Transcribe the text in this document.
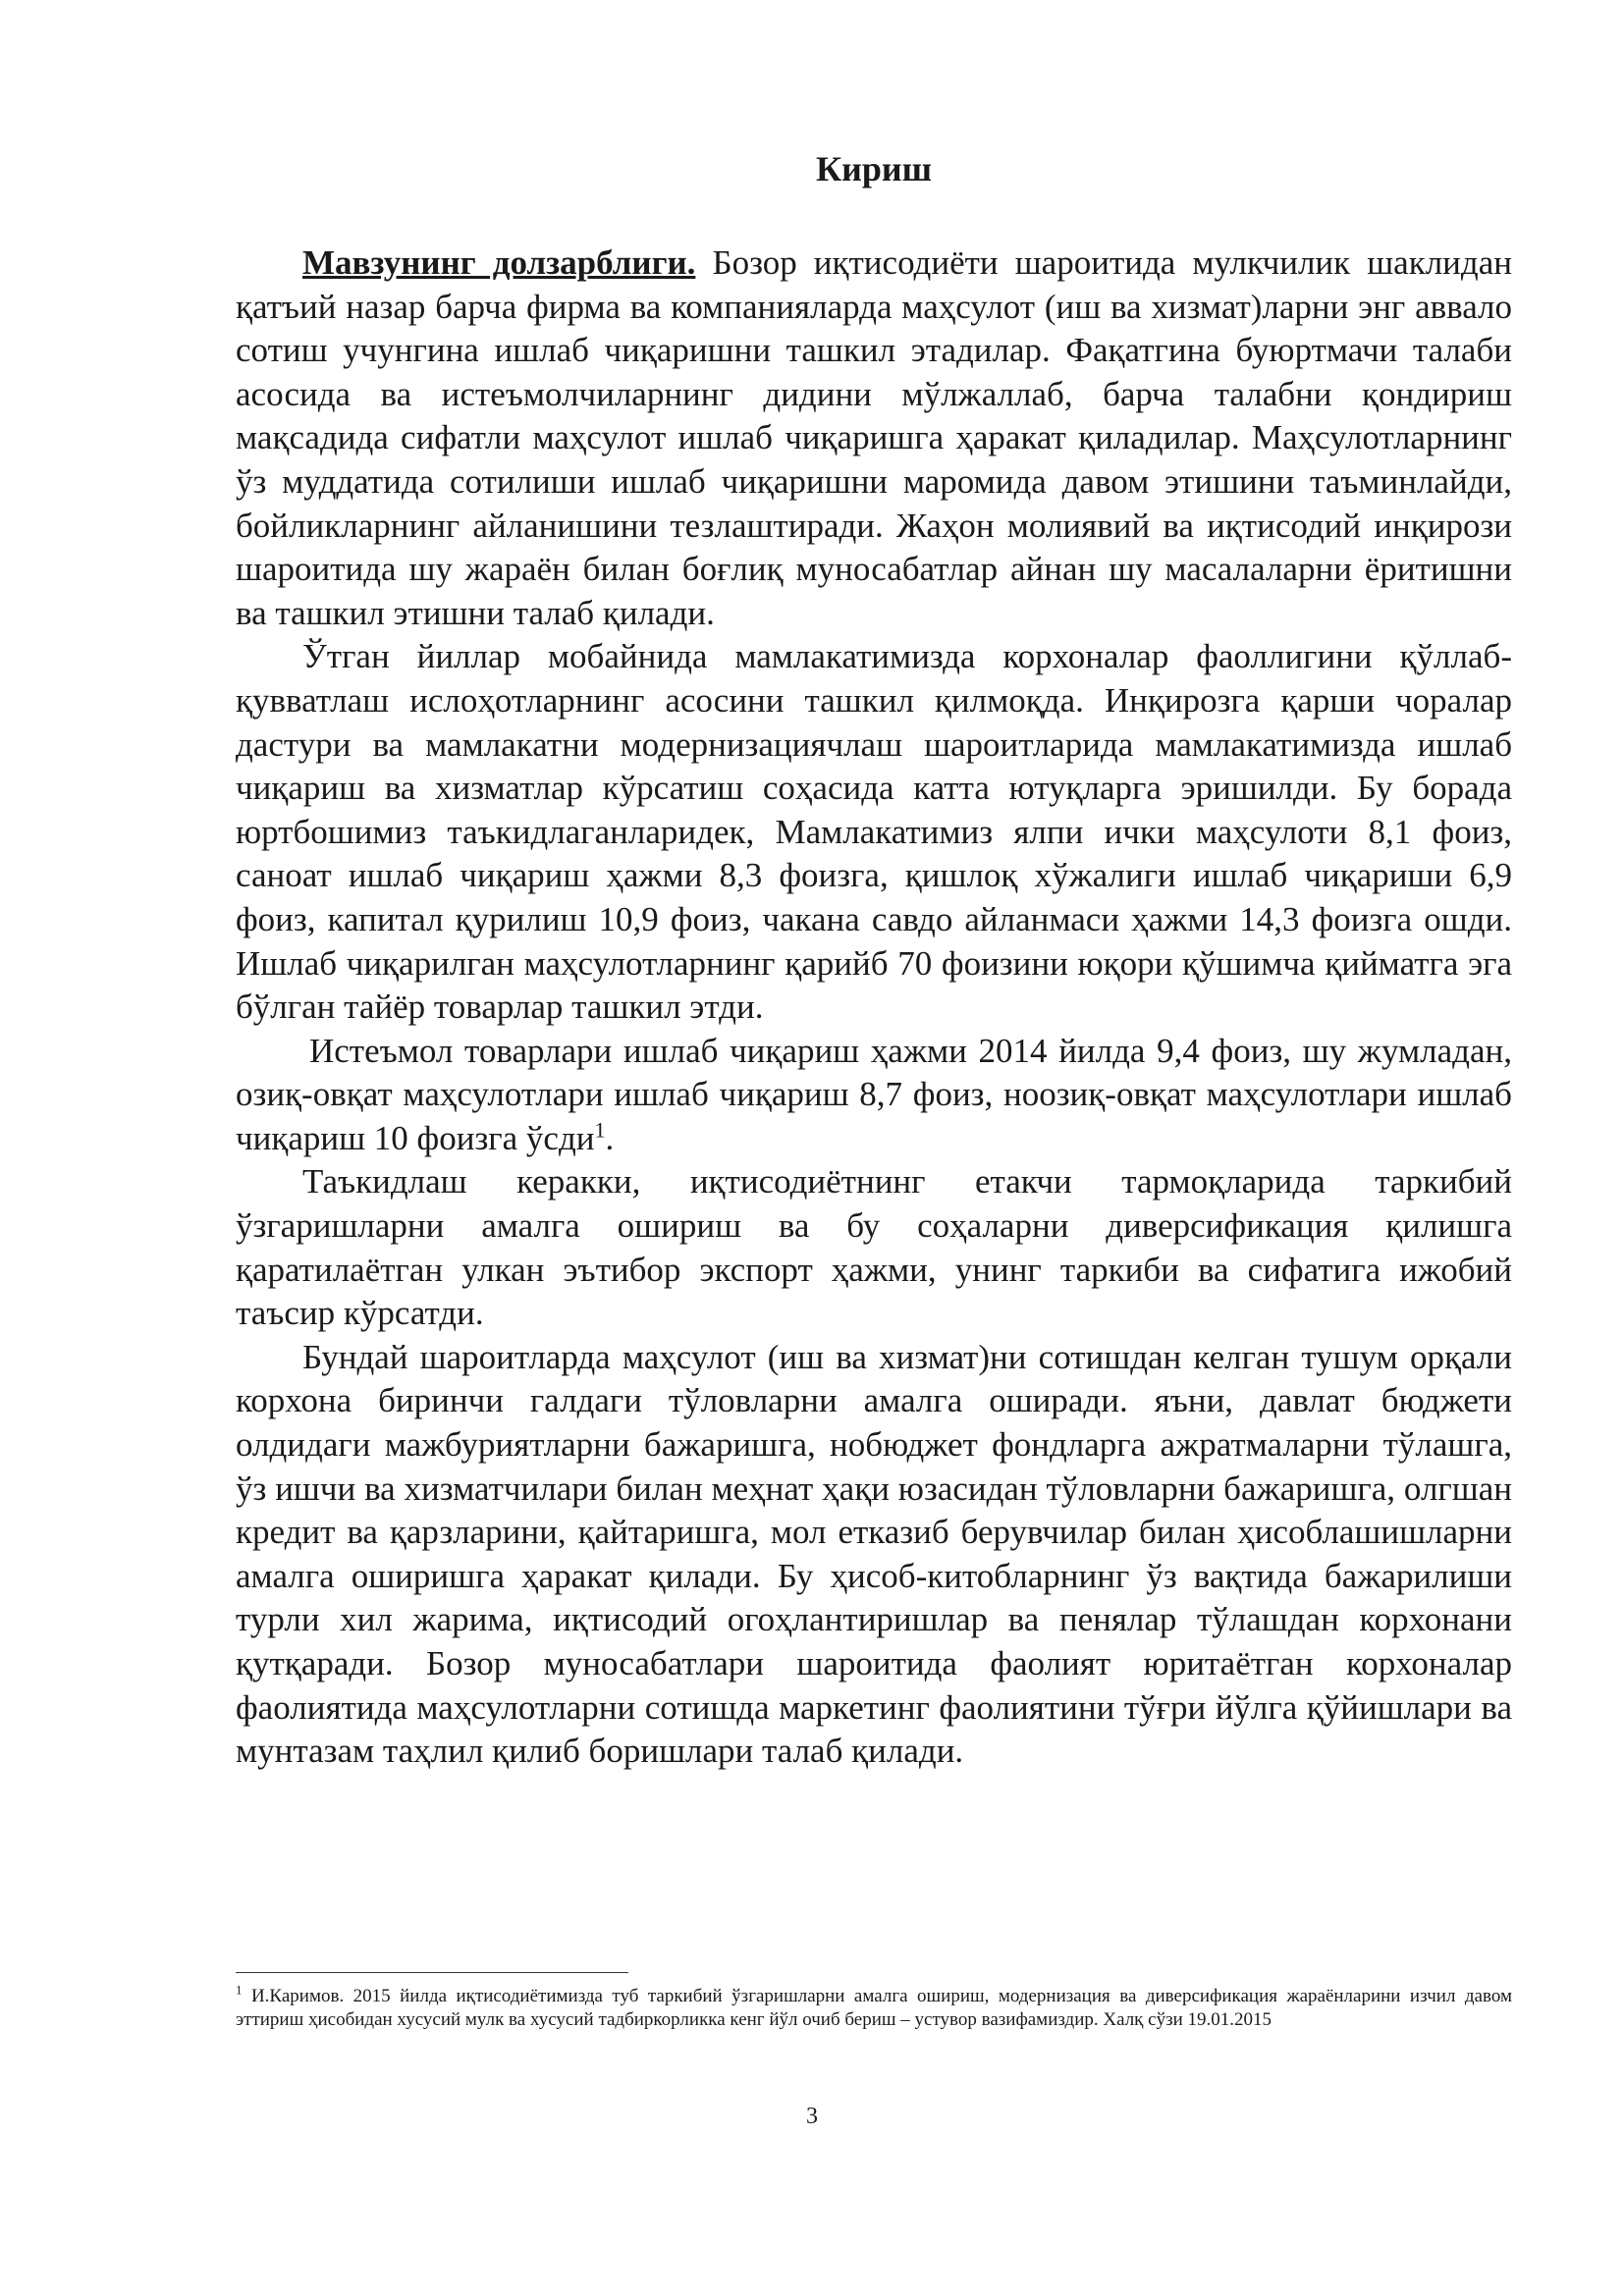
Кириш

Мавзунинг долзарблиги. Бозор иқтисодиёти шароитида мулкчилик шаклидан қатъий назар барча фирма ва компанияларда маҳсулот (иш ва хизмат)ларни энг аввало сотиш учунгина ишлаб чиқаришни ташкил этадилар. Фақатгина буюртмачи талаби асосида ва истеъмолчиларнинг дидини мўлжаллаб, барча талабни қондириш мақсадида сифатли маҳсулот ишлаб чиқаришга ҳаракат қиладилар. Маҳсулотларнинг ўз муддатида сотилиши ишлаб чиқаришни маромида давом этишини таъминлайди, бойликларнинг айланишини тезлаштиради. Жаҳон молиявий ва иқтисодий инқирози шароитида шу жараён билан боғлиқ муносабатлар айнан шу масалаларни ёритишни ва ташкил этишни талаб қилади.

Ўтган йиллар мобайнида мамлакатимизда корхоналар фаоллигини қўллаб-қувватлаш ислоҳотларнинг асосини ташкил қилмоқда. Инқирозга қарши чоралар дастури ва мамлакатни модернизациячлаш шароитларида мамлакатимизда ишлаб чиқариш ва хизматлар кўрсатиш соҳасида катта ютуқларга эришилди. Бу борада юртбошимиз таъкидлаганларидек, Мамлакатимиз ялпи ички маҳсулоти 8,1 фоиз, саноат ишлаб чиқариш ҳажми 8,3 фоизга, қишлоқ хўжалиги ишлаб чиқариши 6,9 фоиз, капитал қурилиш 10,9 фоиз, чакана савдо айланмаси ҳажми 14,3 фоизга ошди. Ишлаб чиқарилган маҳсулотларнинг қарийб 70 фоизини юқори қўшимча қийматга эга бўлган тайёр товарлар ташкил этди.

Истеъмол товарлари ишлаб чиқариш ҳажми 2014 йилда 9,4 фоиз, шу жумладан, озиқ-овқат маҳсулотлари ишлаб чиқариш 8,7 фоиз, ноозиқ-овқат маҳсулотлари ишлаб чиқариш 10 фоизга ўсди$^1$.

Таъкидлаш керакки, иқтисодиётнинг етакчи тармоқларида таркибий ўзгаришларни амалга ошириш ва бу соҳаларни диверсификация қилишга қаратилаётган улкан эътибор экспорт ҳажми, унинг таркиби ва сифатига ижобий таъсир кўрсатди.

Бундай шароитларда маҳсулот (иш ва хизмат)ни сотишдан келган тушум орқали корхона биринчи галдаги тўловларни амалга оширади. яъни, давлат бюджети олдидаги мажбуриятларни бажаришга, нобюджет фондларга ажратмаларни тўлашга, ўз ишчи ва хизматчилари билан меҳнат ҳақи юзасидан тўловларни бажаришга, олгшан кредит ва қарзларини, қайтаришга, мол етказиб берувчилар билан ҳисоблашишларни амалга оширишга ҳаракат қилади. Бу ҳисоб-китобларнинг ўз вақтида бажарилиши турли хил жарима, иқтисодий огоҳлантиришлар ва пенялар тўлашдан корхонани қутқаради. Бозор муносабатлари шароитида фаолият юритаётган корхоналар фаолиятида маҳсулотларни сотишда маркетинг фаолиятини тўғри йўлга қўйишлари ва мунтазам таҳлил қилиб боришлари талаб қилади.

$^1$ И.Каримов. 2015 йилда иқтисодиётимизда туб таркибий ўзгаришларни амалга ошириш, модернизация ва диверсификация жараёнларини изчил давом эттириш ҳисобидан хусусий мулк ва хусусий тадбиркорликка кенг йўл очиб бериш – устувор вазифамиздир. Халқ сўзи 19.01.2015

3
